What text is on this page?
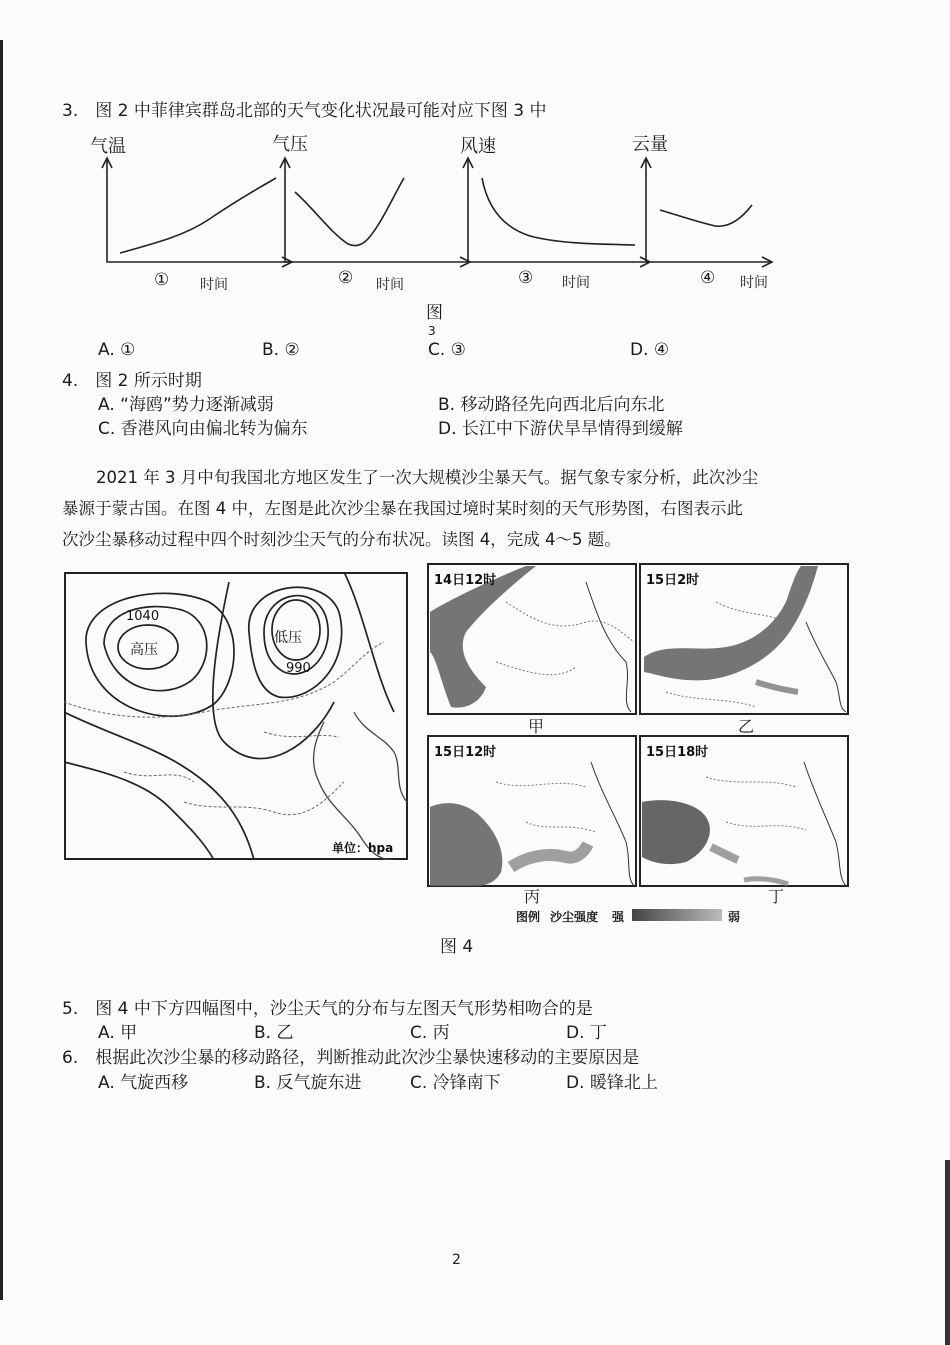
3.　图 2 中菲律宾群岛北部的天气变化状况最可能对应下图 3 中
气温	气压	风速	云量
① 时间	② 时间	③ 时间	④ 时间
图
3
A. ①	B. ②	C. ③	D. ④
4.　图 2 所示时期
A. “海鸥”势力逐渐减弱	B. 移动路径先向西北后向东北
C. 香港风向由偏北转为偏东	D. 长江中下游伏旱旱情得到缓解
2021 年 3 月中旬我国北方地区发生了一次大规模沙尘暴天气。据气象专家分析，此次沙尘
暴源于蒙古国。在图 4 中，左图是此次沙尘暴在我国过境时某时刻的天气形势图，右图表示此
次沙尘暴移动过程中四个时刻沙尘天气的分布状况。读图 4，完成 4～5 题。
1040
高压
低压
990
单位：hpa
14日12时	15日2时
15日12时	15日18时
甲	乙
丙	丁
图例 沙尘强度 强	弱
图 4
5.　图 4 中下方四幅图中，沙尘天气的分布与左图天气形势相吻合的是
A. 甲	B. 乙	C. 丙	D. 丁
6.　根据此次沙尘暴的移动路径，判断推动此次沙尘暴快速移动的主要原因是
A. 气旋西移	B. 反气旋东进	C. 冷锋南下	D. 暖锋北上
2
